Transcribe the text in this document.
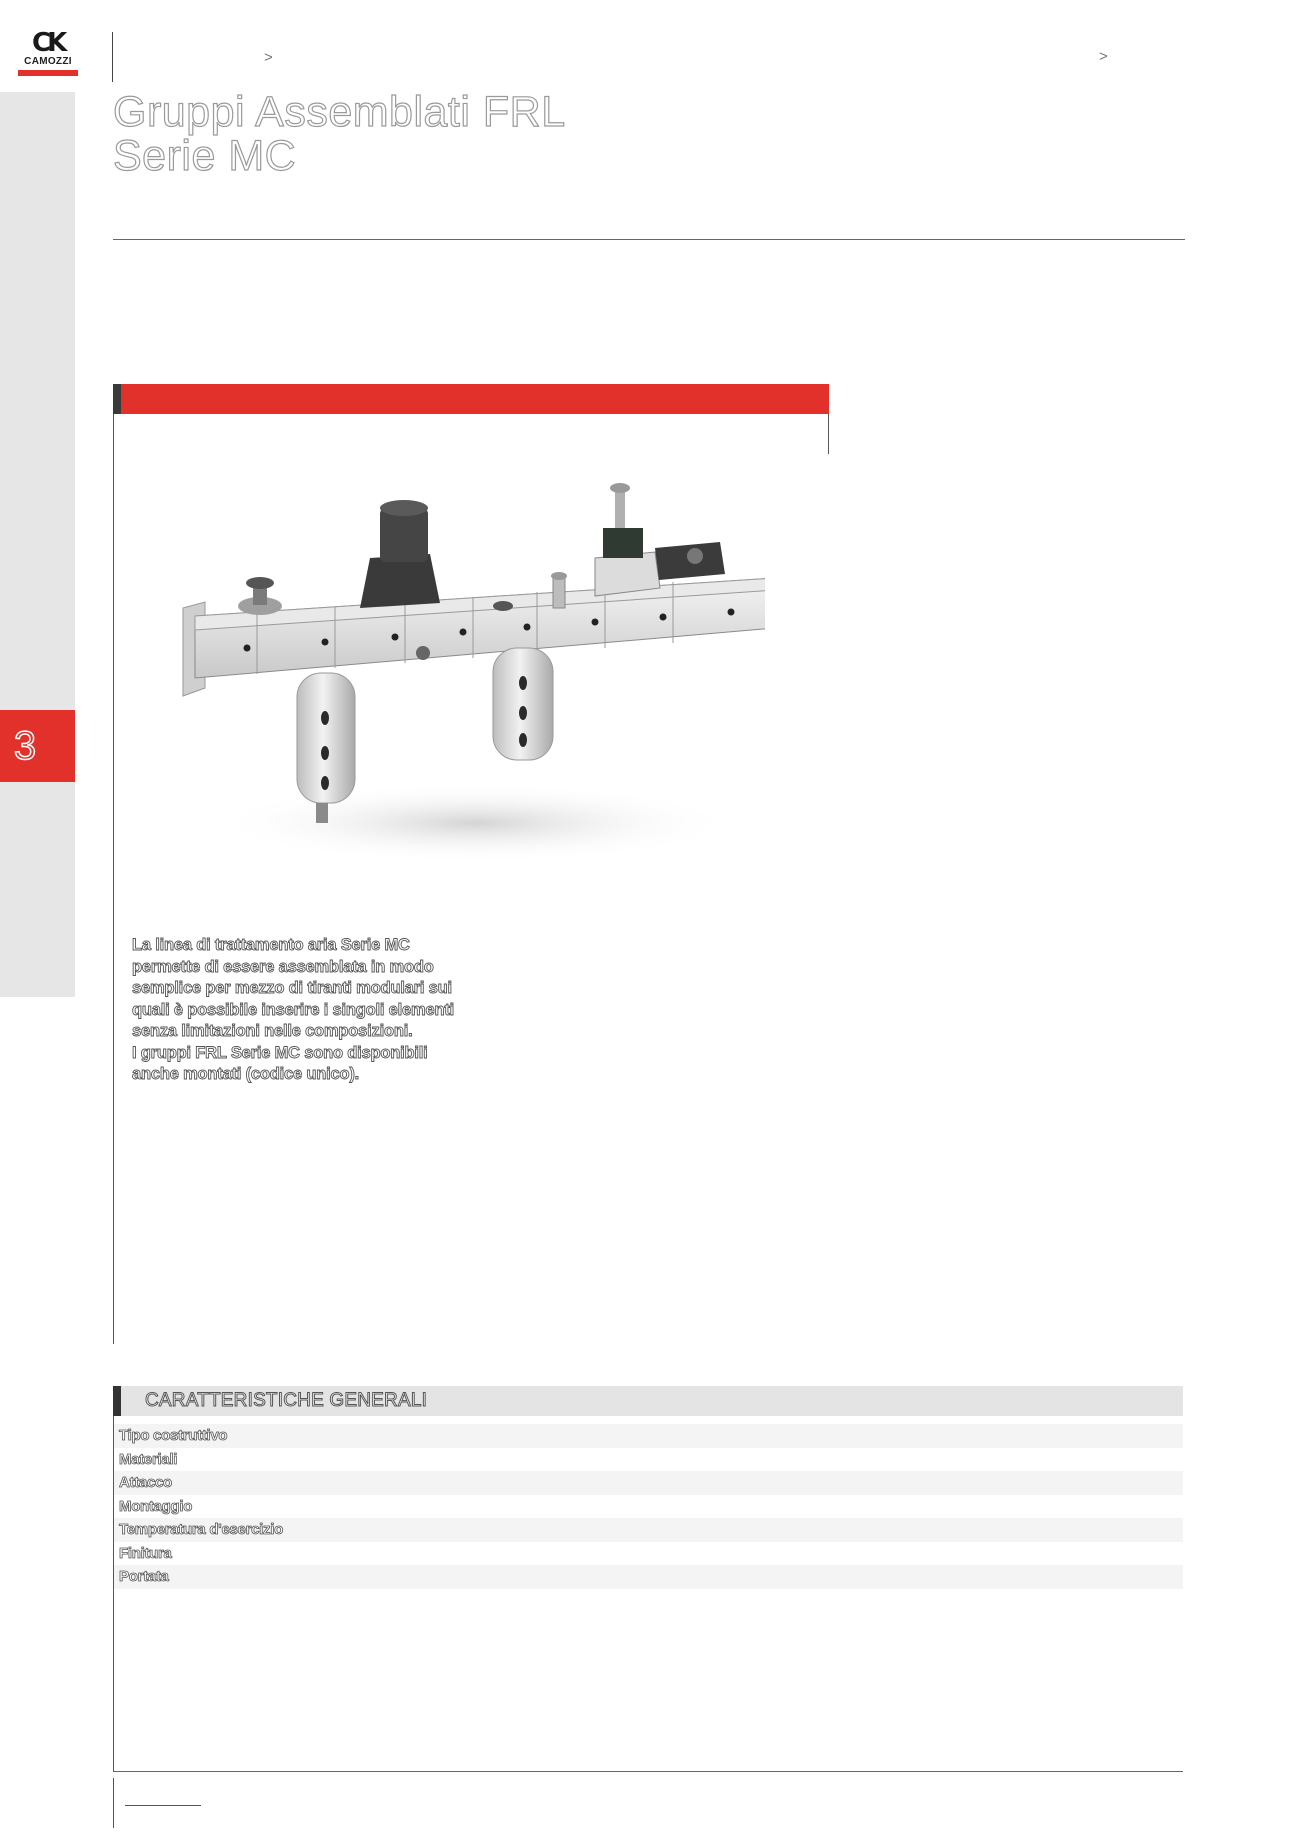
CK
CAMOZZI
3
>	>
Gruppi Assemblati FRL
Serie MC

La linea di trattamento aria Serie MC

permette di essere assemblata in modo

semplice per mezzo di tiranti modulari sui

quali è possibile inserire i singoli elementi

senza limitazioni nelle composizioni.

I gruppi FRL Serie MC sono disponibili

anche montati (codice unico).

CARATTERISTICHE GENERALI
Tipo costruttivo
Materiali
Attacco
Montaggio
Temperatura d'esercizio
Finitura
Portata
